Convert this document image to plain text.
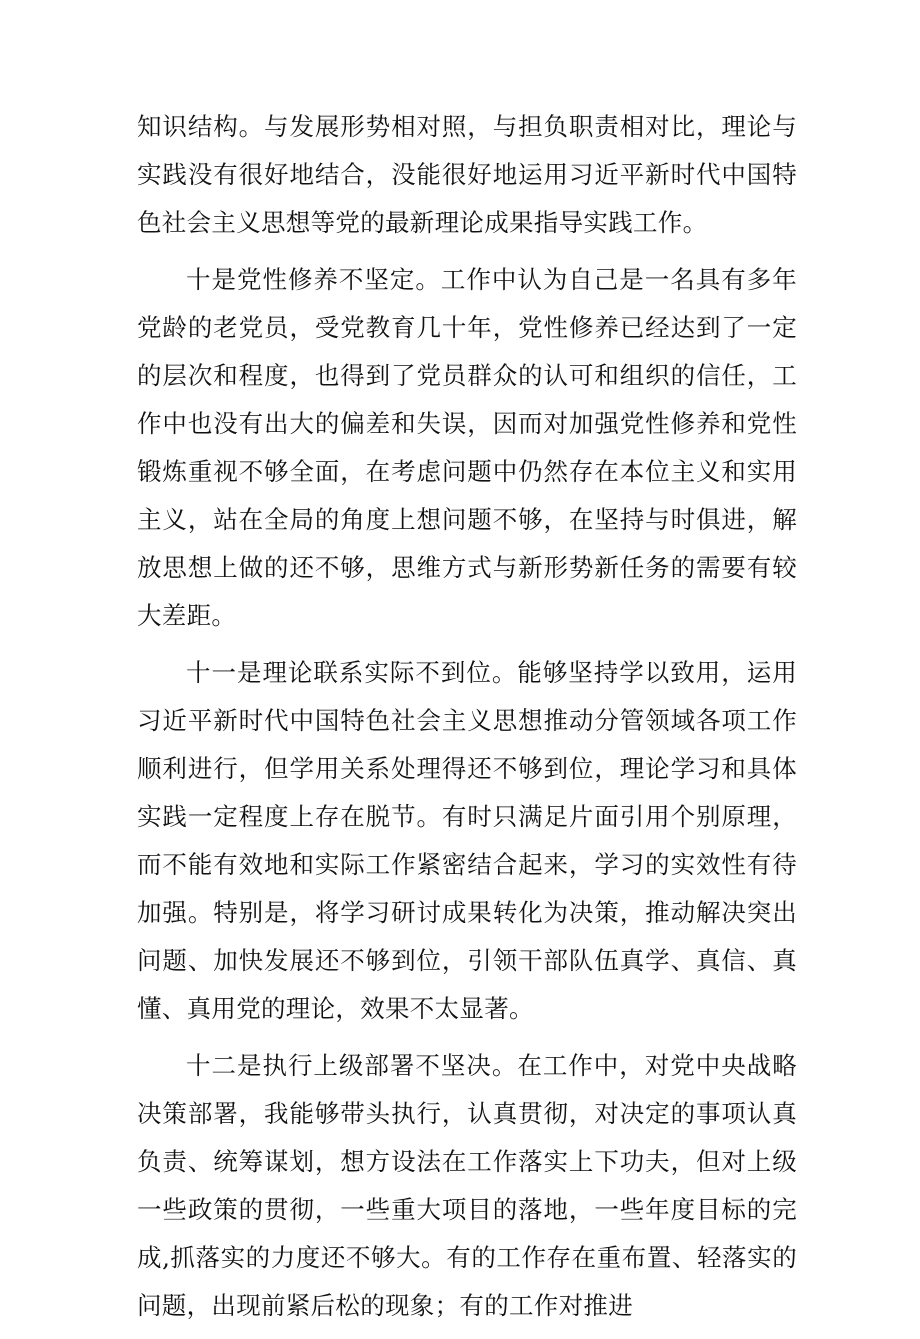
知识结构。与发展形势相对照，与担负职责相对比，理论与实践没有很好地结合，没能很好地运用习近平新时代中国特色社会主义思想等党的最新理论成果指导实践工作。

十是党性修养不坚定。工作中认为自己是一名具有多年党龄的老党员，受党教育几十年，党性修养已经达到了一定的层次和程度，也得到了党员群众的认可和组织的信任，工作中也没有出大的偏差和失误，因而对加强党性修养和党性锻炼重视不够全面，在考虑问题中仍然存在本位主义和实用主义，站在全局的角度上想问题不够，在坚持与时俱进，解放思想上做的还不够，思维方式与新形势新任务的需要有较大差距。

十一是理论联系实际不到位。能够坚持学以致用，运用习近平新时代中国特色社会主义思想推动分管领域各项工作顺利进行，但学用关系处理得还不够到位，理论学习和具体实践一定程度上存在脱节。有时只满足片面引用个别原理，而不能有效地和实际工作紧密结合起来，学习的实效性有待加强。特别是，将学习研讨成果转化为决策，推动解决突出问题、加快发展还不够到位，引领干部队伍真学、真信、真懂、真用党的理论，效果不太显著。

十二是执行上级部署不坚决。在工作中，对党中央战略决策部署，我能够带头执行，认真贯彻，对决定的事项认真负责、统筹谋划，想方设法在工作落实上下功夫，但对上级一些政策的贯彻，一些重大项目的落地，一些年度目标的完成,抓落实的力度还不够大。有的工作存在重布置、轻落实的问题，出现前紧后松的现象；有的工作对推进
